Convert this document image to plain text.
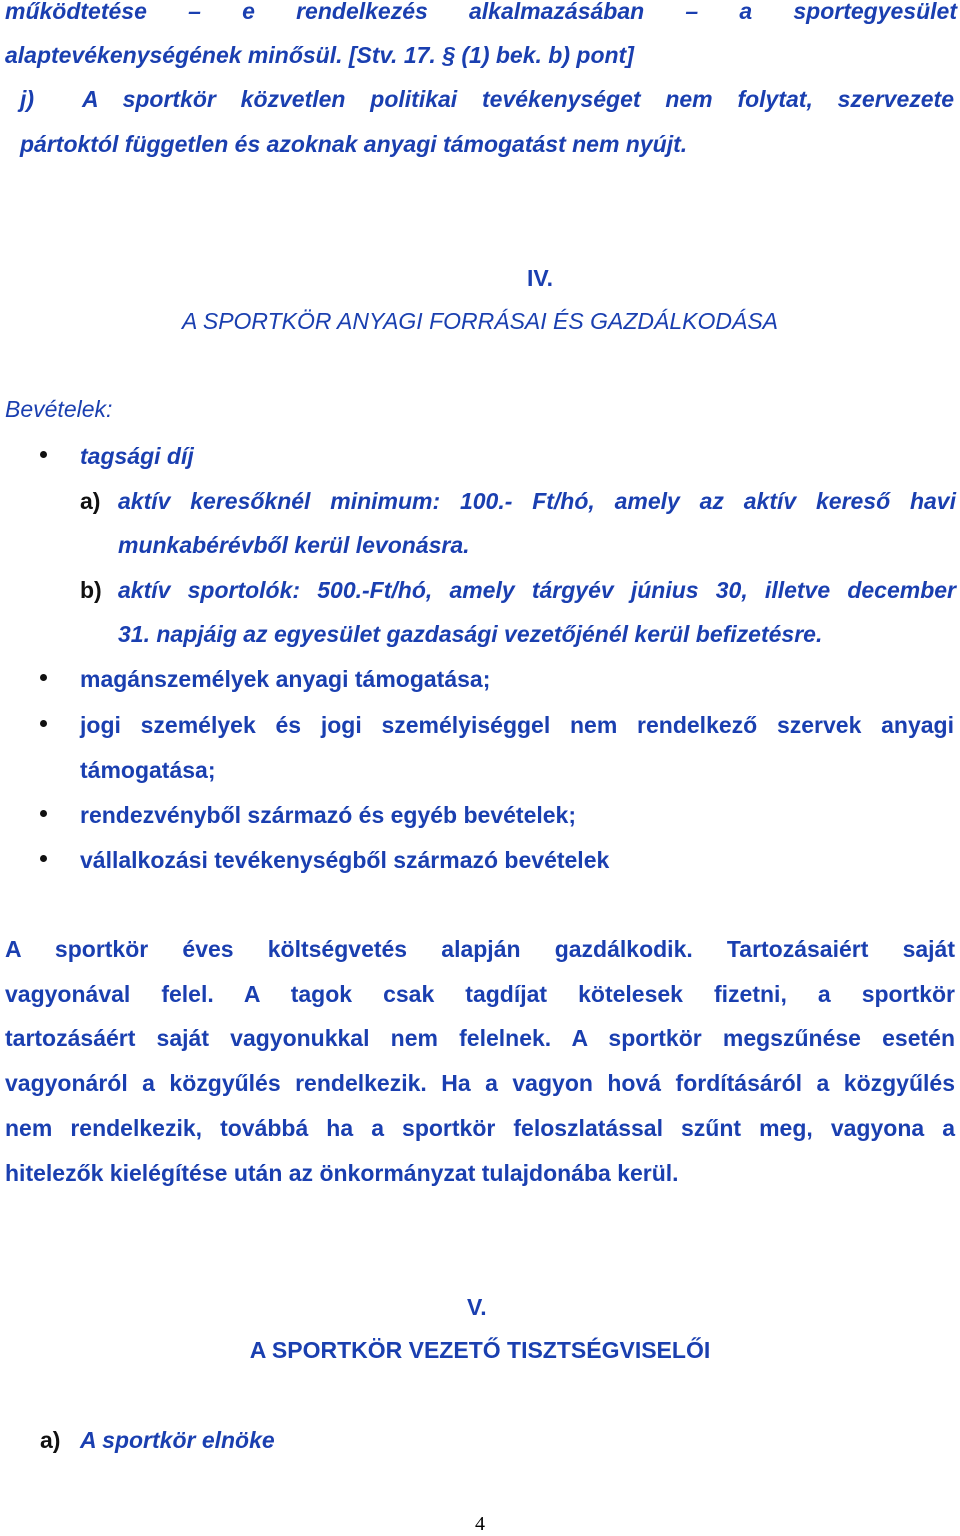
működtetése – e rendelkezés alkalmazásában – a sportegyesület
alaptevékenységének minősül. [Stv. 17. § (1) bek. b) pont]
j) A sportkör közvetlen politikai tevékenységet nem folytat, szervezete
pártoktól független és azoknak anyagi támogatást nem nyújt.
IV.
A SPORTKÖR ANYAGI FORRÁSAI ÉS GAZDÁLKODÁSA
Bevételek:
tagsági díj
a) aktív keresőknél minimum: 100.- Ft/hó, amely az aktív kereső havi
munkabérévből kerül levonásra.
b) aktív sportolók: 500.-Ft/hó, amely tárgyév június 30, illetve december
31. napjáig az egyesület gazdasági vezetőjénél kerül befizetésre.
magánszemélyek anyagi támogatása;
jogi személyek és jogi személyiséggel nem rendelkező szervek anyagi
támogatása;
rendezvényből származó és egyéb bevételek;
vállalkozási tevékenységből származó bevételek
A sportkör éves költségvetés alapján gazdálkodik. Tartozásaiért saját
vagyonával felel. A tagok csak tagdíjat kötelesek fizetni, a sportkör
tartozásáért saját vagyonukkal nem felelnek. A sportkör megszűnése esetén
vagyonáról a közgyűlés rendelkezik. Ha a vagyon hová fordításáról a közgyűlés
nem rendelkezik, továbbá ha a sportkör feloszlatással szűnt meg, vagyona a
hitelezők kielégítése után az önkormányzat tulajdonába kerül.
V.
A SPORTKÖR VEZETŐ TISZTSÉGVISELŐI
a) A sportkör elnöke
4
